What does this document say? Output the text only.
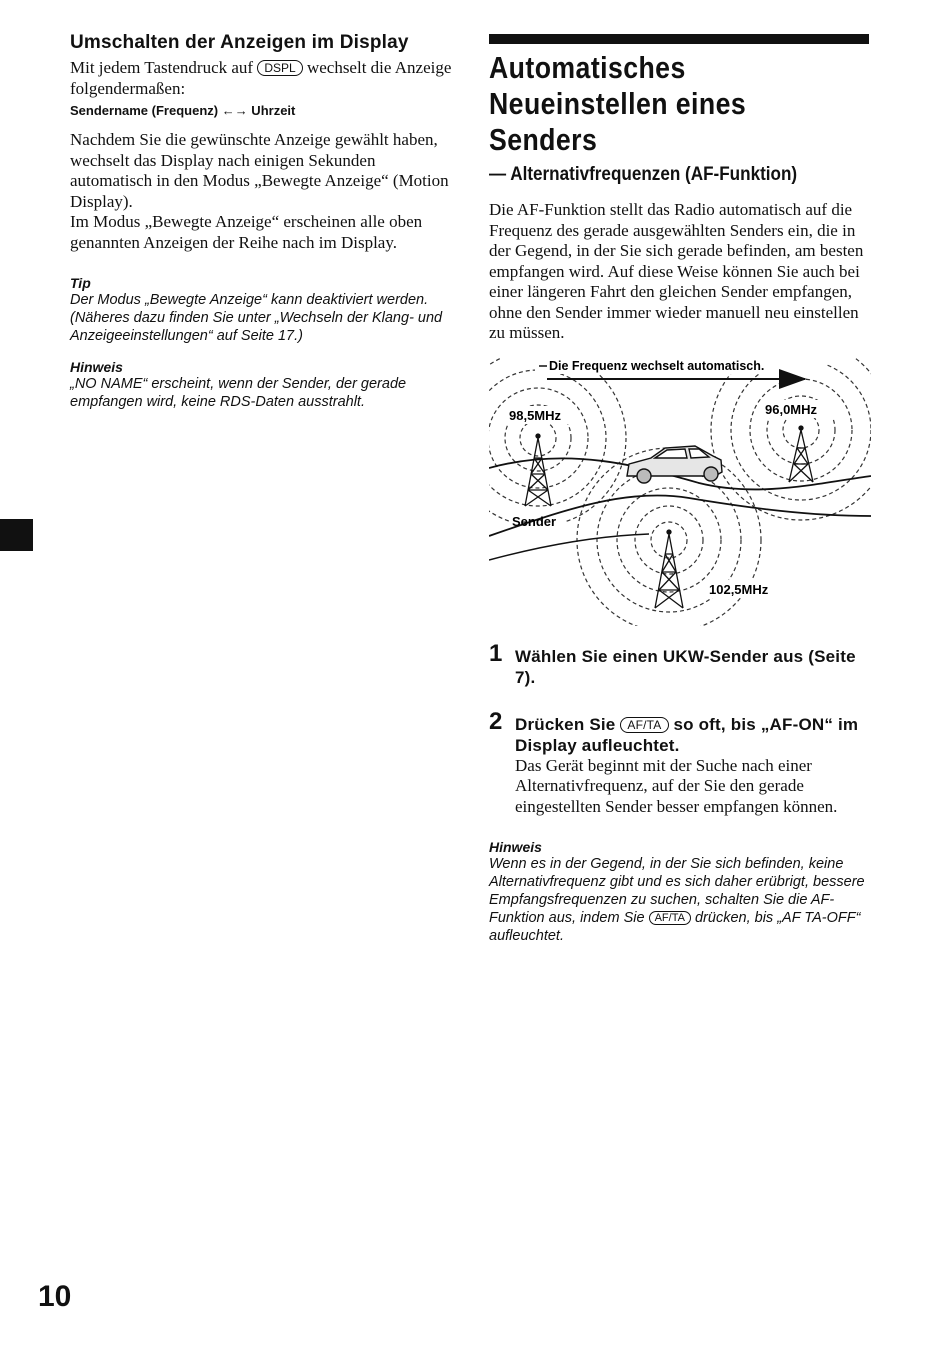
Umschalten der Anzeigen im Display

Mit jedem Tastendruck auf DSPL wechselt die Anzeige folgendermaßen:

Sendername (Frequenz) ←→ Uhrzeit

Nachdem Sie die gewünschte Anzeige gewählt haben, wechselt das Display nach einigen Sekunden automatisch in den Modus „Bewegte Anzeige“ (Motion Display).

Im Modus „Bewegte Anzeige“ erscheinen alle oben genannten Anzeigen der Reihe nach im Display.

Tip

Der Modus „Bewegte Anzeige“ kann deaktiviert werden. (Näheres dazu finden Sie unter „Wechseln der Klang- und Anzeigeeinstellungen“ auf Seite 17.)

Hinweis

„NO NAME“ erscheint, wenn der Sender, der gerade empfangen wird, keine RDS-Daten ausstrahlt.

Automatisches
Neueinstellen eines
Senders
— Alternativfrequenzen (AF-Funktion)

Die AF-Funktion stellt das Radio automatisch auf die Frequenz des gerade ausgewählten Senders ein, die in der Gegend, in der Sie sich gerade befinden, am besten empfangen wird. Auf diese Weise können Sie auch bei einer längeren Fahrt den gleichen Sender empfangen, ohne den Sender immer wieder manuell neu einstellen zu müssen.

Die Frequenz wechselt automatisch.
98,5MHz	96,0MHz
102,5MHz
Sender
1 Wählen Sie einen UKW-Sender aus (Seite 7).

2 Drücken Sie AF/TA so oft, bis „AF-ON“ im Display aufleuchtet.

Das Gerät beginnt mit der Suche nach einer Alternativfrequenz, auf der Sie den gerade eingestellten Sender besser empfangen können.

Hinweis

Wenn es in der Gegend, in der Sie sich befinden, keine Alternativfrequenz gibt und es sich daher erübrigt, bessere Empfangsfrequenzen zu suchen, schalten Sie die AF-Funktion aus, indem Sie AF/TA drücken, bis „AF TA-OFF“ aufleuchtet.

10
